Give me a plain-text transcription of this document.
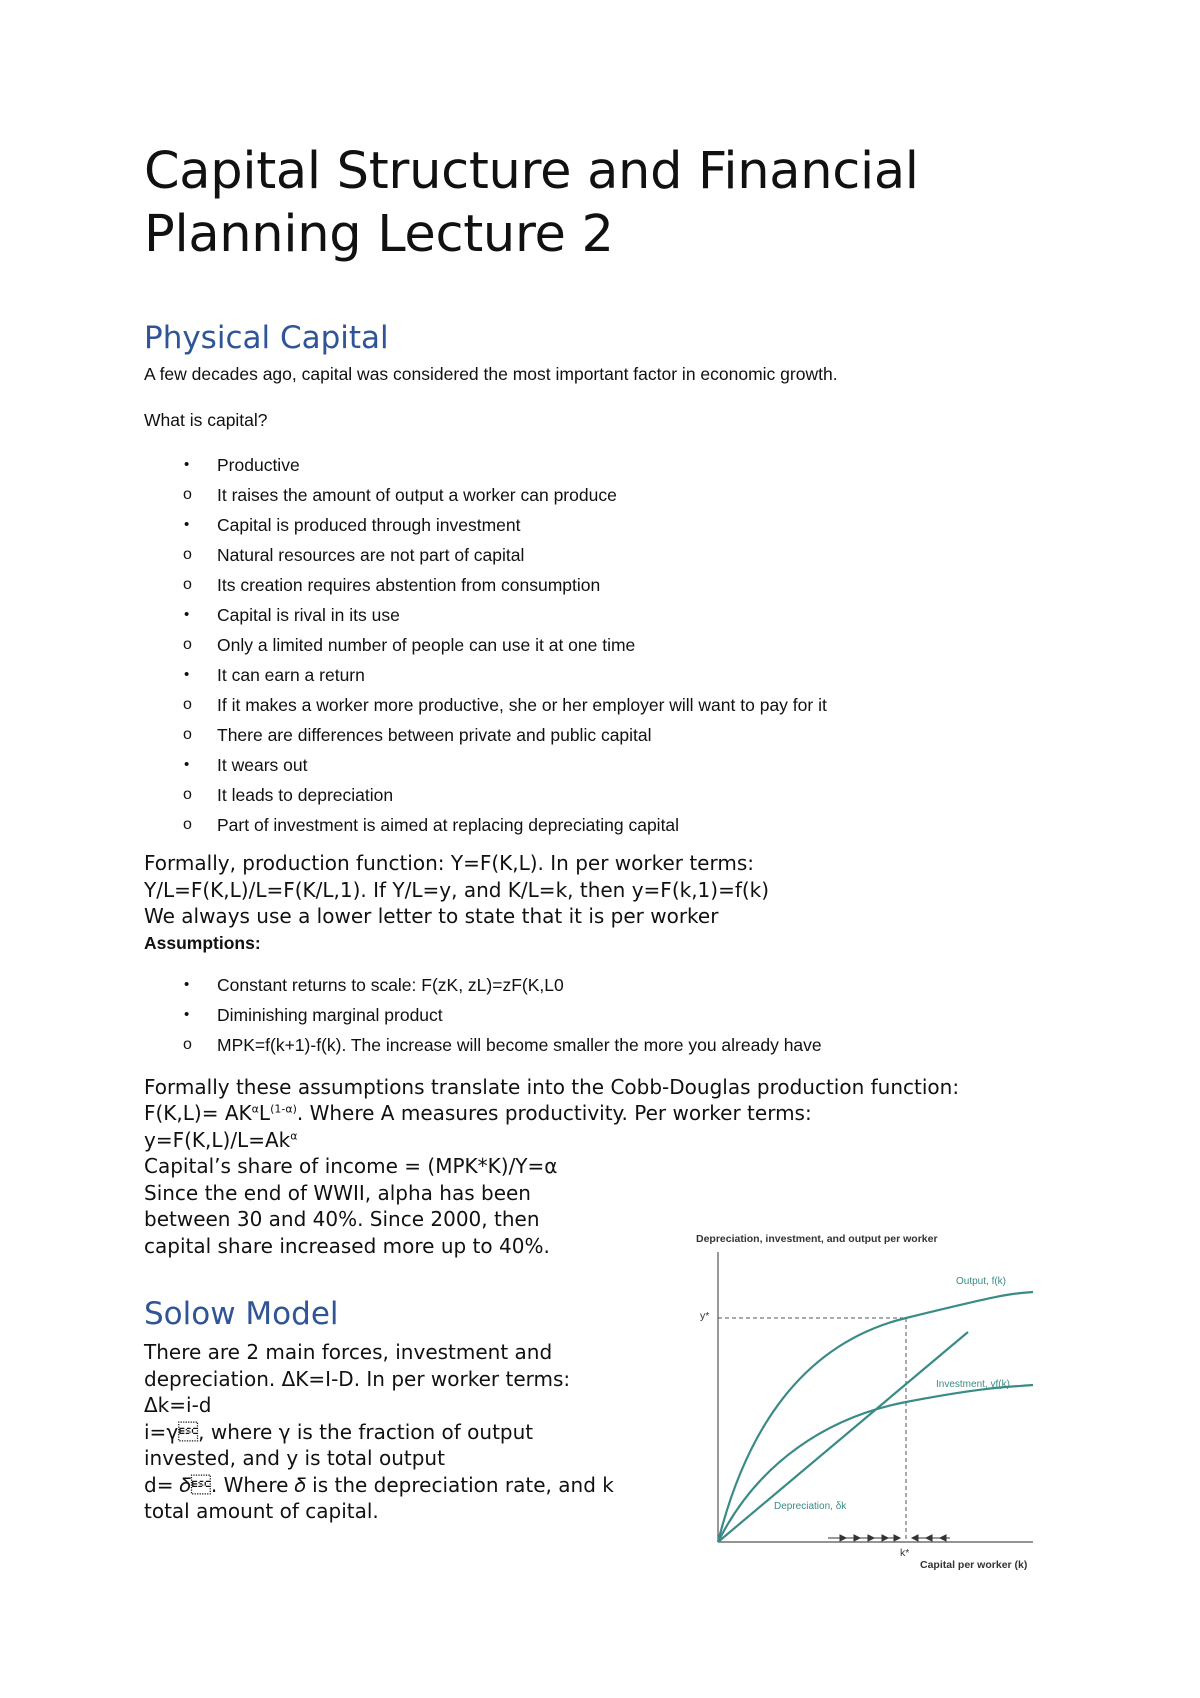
Capital Structure and Financial Planning Lecture 2
Physical Capital

A few decades ago, capital was considered the most important factor in economic growth.

What is capital?

• Productive
o It raises the amount of output a worker can produce
• Capital is produced through investment
o Natural resources are not part of capital
o Its creation requires abstention from consumption
• Capital is rival in its use
o Only a limited number of people can use it at one time
• It can earn a return
o If it makes a worker more productive, she or her employer will want to pay for it
o There are differences between private and public capital
• It wears out
o It leads to depreciation
o Part of investment is aimed at replacing depreciating capital

Formally, production function: Y=F(K,L). In per worker terms:

Y/L=F(K,L)/L=F(K/L,1). If Y/L=y, and K/L=k, then y=F(k,1)=f(k)

We always use a lower letter to state that it is per worker

Assumptions:

• Constant returns to scale: F(zK, zL)=zF(K,L0
• Diminishing marginal product
o MPK=f(k+1)-f(k). The increase will become smaller the more you already have

Formally these assumptions translate into the Cobb-Douglas production function:

$F(K,L)= AK^\alpha L^{(1-\alpha)}$. Where A measures productivity. Per worker terms:

$y=F(K,L)/L=Ak^\alpha$

Capital’s share of income = (MPK*K)/Y=α

Since the end of WWII, alpha has been

between 30 and 40%. Since 2000, then

capital share increased more up to 40%.

Solow Model

There are 2 main forces, investment and

depreciation. ΔK=I-D. In per worker terms:

Δk=i-d

i=γ, where γ is the fraction of output

invested, and y is total output

d= 𝛿. Where 𝛿 is the depreciation rate, and k

total amount of capital.

Depreciation, investment, and output per worker
Output, f(k)
Investment, γf(k)
Depreciation, δk
y*
k*
Capital per worker (k)
